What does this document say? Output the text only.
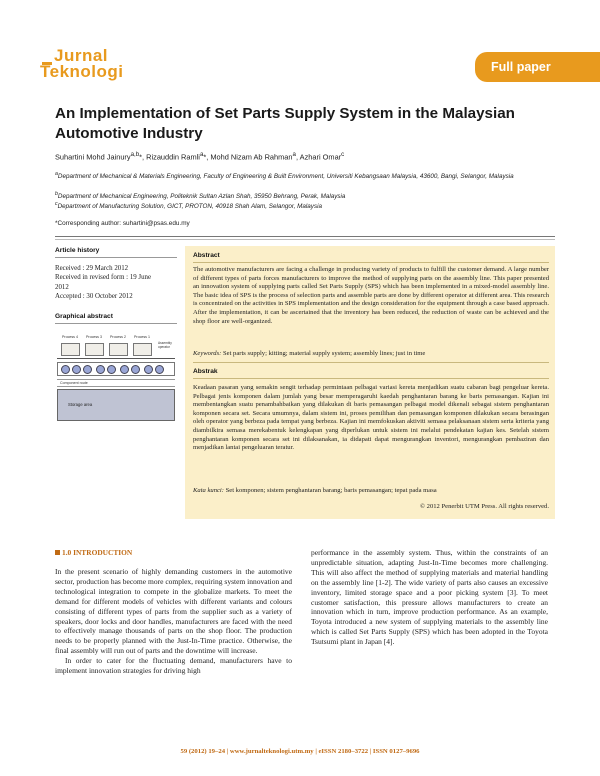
Jurnal
Teknologi	Full paper
An Implementation of Set Parts Supply System in the Malaysian Automotive Industry
Suhartini Mohd Jainury$^{a,b}$*, Rizauddin Ramli$^a$*, Mohd Nizam Ab Rahman$^a$, Azhari Omar$^c$
$^a$Department of Mechanical & Materials Engineering, Faculty of Engineering & Built Environment, Universiti Kebangsaan Malaysia, 43600, Bangi, Selangor, Malaysia
$^b$Department of Mechanical Engineering, Politeknik Sultan Azlan Shah, 35950 Behrang, Perak, Malaysia
$^c$Department of Manufacturing Solution, GICT, PROTON, 40918 Shah Alam, Selangor, Malaysia
*Corresponding author: suhartini@psas.edu.my
Article history
Received : 29 March 2012
Received in revised form : 19 June
2012
Accepted : 30 October 2012
Graphical abstract
Process 4	Process 3	Process 2	Process 1
Assembly
operator
Component route
Storage area
Abstract
The automotive manufacturers are facing a challenge in producing variety of products to fulfill the customer demand. A large number of different types of parts forces manufacturers to improve the method of supplying parts on the assembly line. This paper presented an innovation system of supplying parts called Set Parts Supply (SPS) which has been implemented in a mixed-model assembly line. The basic idea of SPS is the process of selection parts and assemble parts are done by different operator at different area. This research is concentrated on the activities in SPS implementation and the design consideration for the equipment through a case based approach. After the implementation, it can be ascertained that the inventory has been reduced, the reduction of waste can be achieved and the shop floor are well-organized.
Keywords: Set parts supply; kitting; material supply system; assembly lines; just in time
Abstrak
Keadaan pasaran yang semakin sengit terhadap permintaan pelbagai variasi kereta menjadikan suatu cabaran bagi pengeluar kereta. Pelbagai jenis komponen dalam jumlah yang besar memperagaruhi kaedah penghantaran barang ke baris pemasangan. Kajian ini membentangkan suatu penambahbaikan yang dilakukan di baris pemasangan pelbagai model dikenali sebagai sistem penghantaran komponen secara set. Secara umumnya, dalam sistem ini, proses pemilihan dan pemasangan komponen dilakukan secara berasingan oleh operator yang berbeza pada tempat yang berbeza. Kajian ini memfokuskan aktiviti semasa pelaksanaan sistem serta kriteria yang diambilkira semasa merekabentuk kelengkapan yang diperlukan untuk sistem ini melalui pendekatan kajian kes. Setelah sistem penghantaran komponen secara set ini dilaksanakan, ia didapati dapat mengurangkan inventori, mengurangkan pembaziran dan menjadikan lantai pengeluaran teratur.
Kata kunci: Set komponen; sistem penghantaran barang; baris pemasangan; tepat pada masa
© 2012 Penerbit UTM Press. All rights reserved.
1.0 INTRODUCTION

In the present scenario of highly demanding customers in the automotive sector, production has become more complex, requiring system innovation and technological integration to compete in the globalize markets. To meet the demand for different models of vehicles with different variants and colours consisting of different types of parts from the supplier such as a variety of speakers, door locks and door handles, manufacturers are faced with the need to effectively manage thousands of parts on the shop floor. The production needs to be properly planned with the Just-In-Time practice. Otherwise, the final assembly will run out of parts and the downtime will increase.

In order to cater for the fluctuating demand, manufacturers have to implement innovation strategies for driving high

performance in the assembly system. Thus, within the constraints of an unpredictable situation, adapting Just-In-Time becomes more challenging. This will also affect the method of supplying materials and material handling on the assembly line [1-2]. The wide variety of parts also causes an excessive inventory, limited storage space and a poor picking system [3]. To meet customer satisfaction, this pressure allows manufacturers to create an innovation which in turn, improve production performance. As an example, Toyota introduced a new system of supplying materials to the assembly line which is called Set Parts Supply (SPS) which has been adopted in the Toyota Tsutsumi plant in Japan [4].

59 (2012) 19–24 | www.jurnalteknologi.utm.my | eISSN 2180–3722 | ISSN 0127–9696
